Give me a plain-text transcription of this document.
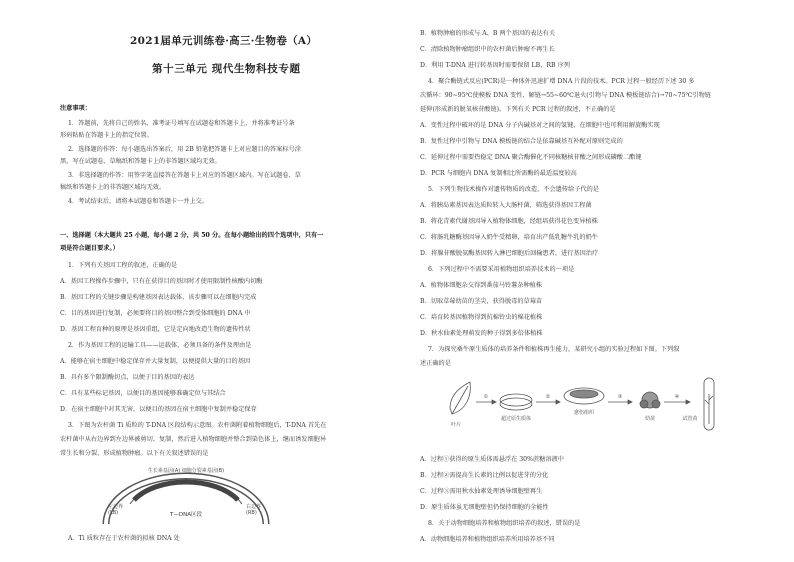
2021届单元训练卷·高三·生物卷（A）
第十三单元 现代生物科技专题
注意事项：
1．答题前，先将自己的姓名、准考证号填写在试题卷和答题卡上，并将准考证号条
形码粘贴在答题卡上的指定位置。
2．选择题的作答：每小题选出答案后，用 2B 铅笔把答题卡上对应题目的答案标号涂
黑，写在试题卷、草稿纸和答题卡上的非答题区域均无效。
3．非选择题的作答：用签字笔直接答在答题卡上对应的答题区域内。写在试题卷、草
稿纸和答题卡上的非答题区域均无效。
4．考试结束后，请将本试题卷和答题卡一并上交。
一、选择题（本大题共 25 小题，每小题 2 分，共 50 分。在每小题给出的四个选项中，只有一
项是符合题目要求。）
1．下列有关基因工程的叙述，正确的是
A．基因工程操作步骤中，只有在获得目的基因时才使用限制性核酸内切酶
B．基因工程的关键步骤是构建基因表达载体，该步骤可以在细胞内完成
C．目的基因进行复制，必须要将目的基因整合到受体细胞的 DNA 中
D．基因工程育种的原理是基因重组，它是定向地改造生物的遗传性状
2．作为基因工程的运输工具——运载体，必须具备的条件及理由是
A．能够在宿主细胞中稳定保存并大量复制，以便提供大量的目的基因
B．具有多个限制酶切点，以便于目的基因的表达
C．具有某些标记基因，以便目的基因能够准确定位与其结合
D．在宿主细胞中对其无害，以便目的基因在宿主细胞中复制并稳定保存
3．下图为农杆菌 Ti 质粒的 T-DNA 区段结构示意图。农杆菌附着植物细胞后，T-DNA 首先在
农杆菌中从右边界到左边界被剪切、复制，然后进入植物细胞并整合到染色体上，继而诱发细胞异
常生长和分裂，形成植物肿瘤。以下有关叙述错误的是
生长素基因(A) 细胞分裂素基因(B)
左边界
(LB)
右边界
(RB)
T—DNA区段
A．Ti 质粒存在于农杆菌的拟核 DNA 处
B．植物肿瘤的形成与 A、B 两个基因的表达有关
C．清除植物肿瘤组织中的农杆菌后肿瘤不再生长
D．利用 T-DNA 进行转基因时需要保留 LB、RB 序列
4．聚合酶链式反应(PCR)是一种体外迅速扩增 DNA 片段的技术。PCR 过程一般经历下述 30 多
次循环：90~95℃使模板 DNA 变性、解链→55~60℃退火(引物与 DNA 模板链结合)→70~75℃引物链
延伸(形成新的脱氧核苷酸链)。下列有关 PCR 过程的叙述，不正确的是
A．变性过程中破坏的是 DNA 分子内碱基对之间的氢键，在细胞中也可利用解旋酶实现
B．复性过程中引物与 DNA 模板链的结合是依靠碱基互补配对原则完成的
C．延伸过程中需要热稳定 DNA 聚合酶催化不同核糖核苷酸之间形成磷酸二酯键
D．PCR 与细胞内 DNA 复制相比所需酶的最适温度较高
5．下列生物技术操作对遗传物质的改造，不会遗传给子代的是
A．将胰岛素基因表达质粒转入大肠杆菌，筛选获得基因工程菌
B．将花青素代谢基因导入植物体细胞，经组培获得花色变异植株
C．将肠乳糖酶基因导入奶牛受精卵，培育出产低乳糖牛乳的奶牛
D．将腺苷酸脱氨酶基因转入淋巴细胞后回输患者，进行基因治疗
6．下列过程中不需要采用植物组织培养技术的一项是
A．植物体细胞杂交得到番茄马铃薯杂种植株
B．切取草莓幼苗的茎尖，获得脱毒的草莓苗
C．培育转基因植物得到抗棉铃虫的棉花植株
D．秋水仙素处理萌发的种子得到多倍体植株
7．为探究桑牛原生质体的培养条件和植株再生能力，某研究小组的实验过程如下图。下列叙
述正确的是
①	②	③	④
叶片
超过原生质体
愈伤组织
幼苗	试管苗
A．过程①获得的原生质体需悬浮在 30%蔗糖溶液中
B．过程②需提高生长素的比例以促进芽的分化
C．过程③需用秋水仙素处理诱导细胞壁再生
D．原生质体虽无细胞壁但仍保持细胞的全能性
8．关于动物细胞培养和植物组织培养的叙述，错误的是
A．动物细胞培养和植物组织培养所用培养基不同
